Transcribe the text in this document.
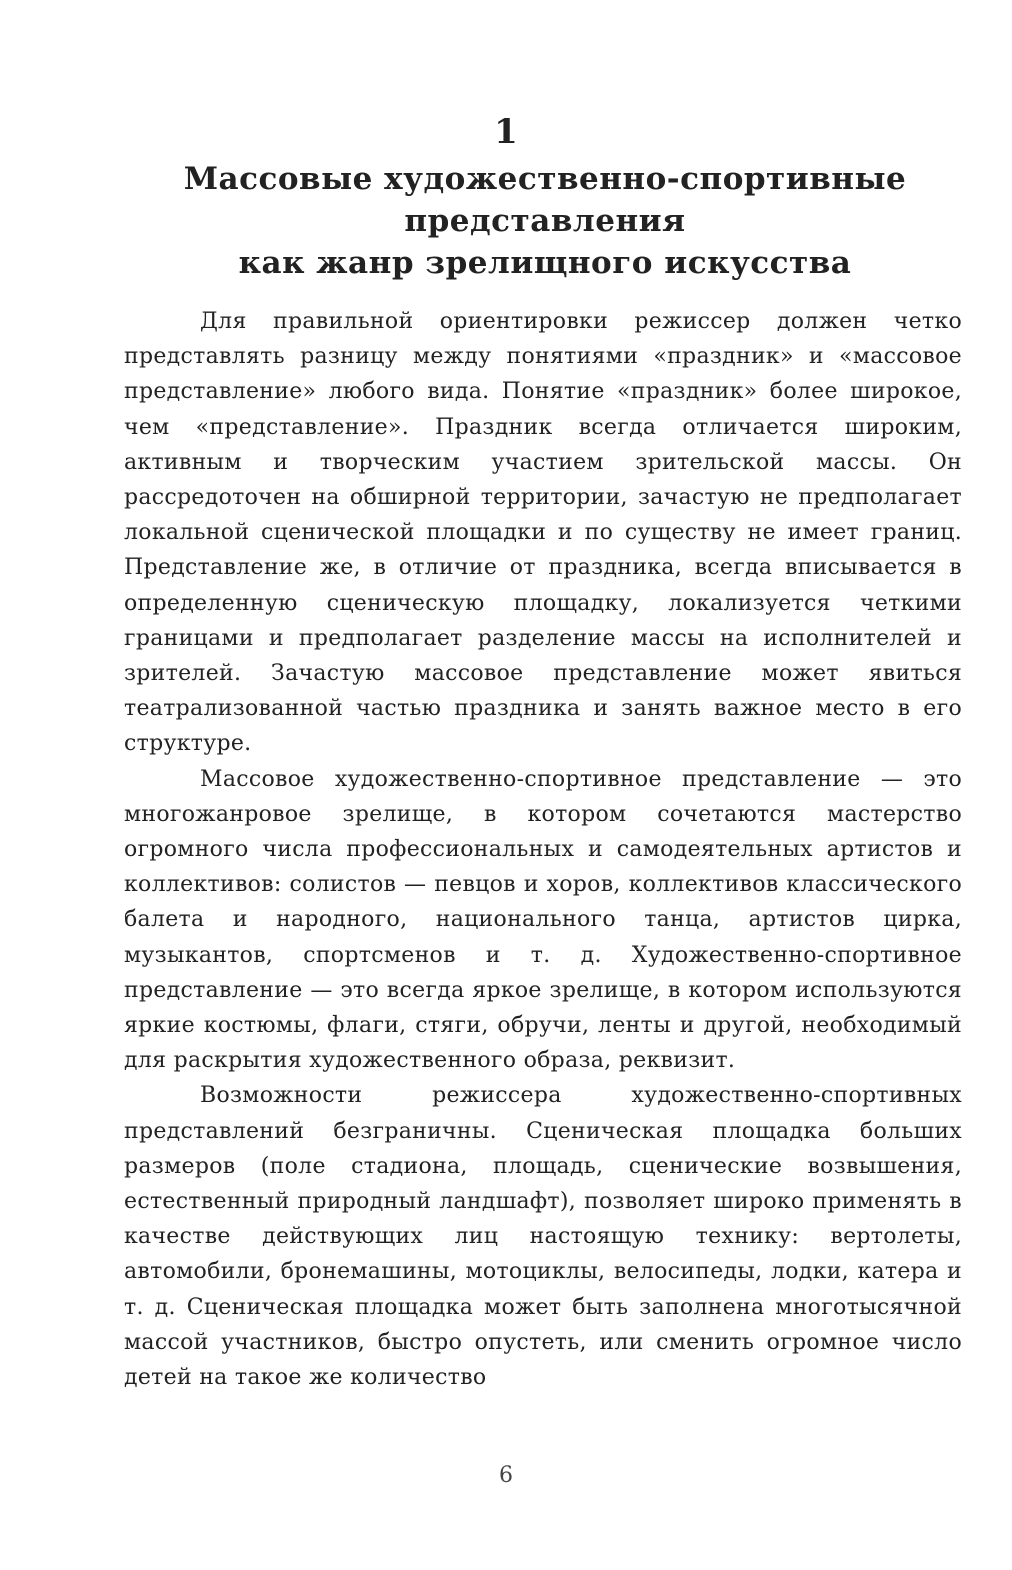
1
Массовые художественно-спортивные
представления
как жанр зрелищного искусства

Для правильной ориентировки режиссер должен четко представлять разницу между понятиями «праздник» и «массовое представление» любого вида. Понятие «праздник» более широкое, чем «представление». Праздник всегда отличается широким, активным и творческим участием зрительской массы. Он рассредоточен на обширной территории, зачастую не предполагает локальной сценической площадки и по существу не имеет границ. Представление же, в отличие от праздника, всегда вписывается в определенную сценическую площадку, локализуется четкими границами и предполагает разделение массы на исполнителей и зрителей. Зачастую массовое представление может явиться театрализованной частью праздника и занять важное место в его структуре.

Массовое художественно-спортивное представление — это многожанровое зрелище, в котором сочетаются мастерство огромного числа профессиональных и самодеятельных артистов и коллективов: солистов — певцов и хоров, коллективов классического балета и народного, национального танца, артистов цирка, музыкантов, спортсменов и т. д. Художественно-спортивное представление — это всегда яркое зрелище, в котором используются яркие костюмы, флаги, стяги, обручи, ленты и другой, необходимый для раскрытия художественного образа, реквизит.

Возможности режиссера художественно-спортивных представлений безграничны. Сценическая площадка больших размеров (поле стадиона, площадь, сценические возвышения, естественный природный ландшафт), позволяет широко применять в качестве действующих лиц настоящую технику: вертолеты, автомобили, бронемашины, мотоциклы, велосипеды, лодки, катера и т. д. Сценическая площадка может быть заполнена многотысячной массой участников, быстро опустеть, или сменить огромное число детей на такое же количество

6
